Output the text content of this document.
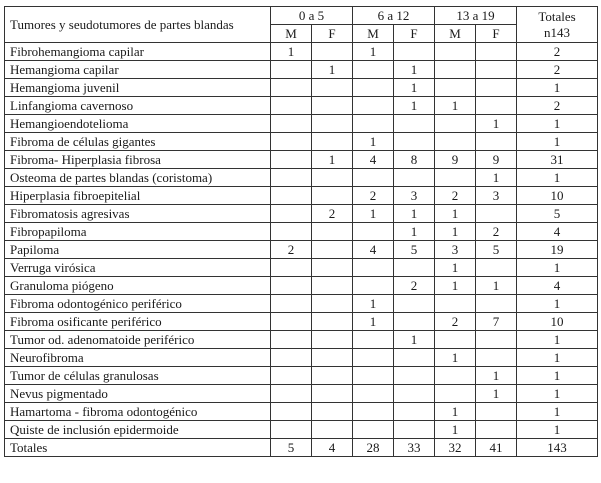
Tumores y seudotumores de partes blandas	0 a 5		6 a 12		13 a 19		Totales
n143
	M	F	M	F	M	F	
Fibrohemangioma capilar	1		1				2
Hemangioma capilar		1		1			2
Hemangioma juvenil				1			1
Linfangioma cavernoso				1	1		2
Hemangioendotelioma						1	1
Fibroma de células gigantes			1				1
Fibroma- Hiperplasia fibrosa		1	4	8	9	9	31
Osteoma de partes blandas (coristoma)						1	1
Hiperplasia fibroepitelial			2	3	2	3	10
Fibromatosis agresivas		2	1	1	1		5
Fibropapiloma				1	1	2	4
Papiloma	2		4	5	3	5	19
Verruga virósica					1		1
Granuloma piógeno				2	1	1	4
Fibroma odontogénico periférico			1				1
Fibroma osificante periférico			1		2	7	10
Tumor od. adenomatoide periférico				1			1
Neurofibroma					1		1
Tumor de células granulosas						1	1
Nevus pigmentado						1	1
Hamartoma - fibroma odontogénico					1		1
Quiste de inclusión epidermoide					1		1
Totales	5	4	28	33	32	41	143
